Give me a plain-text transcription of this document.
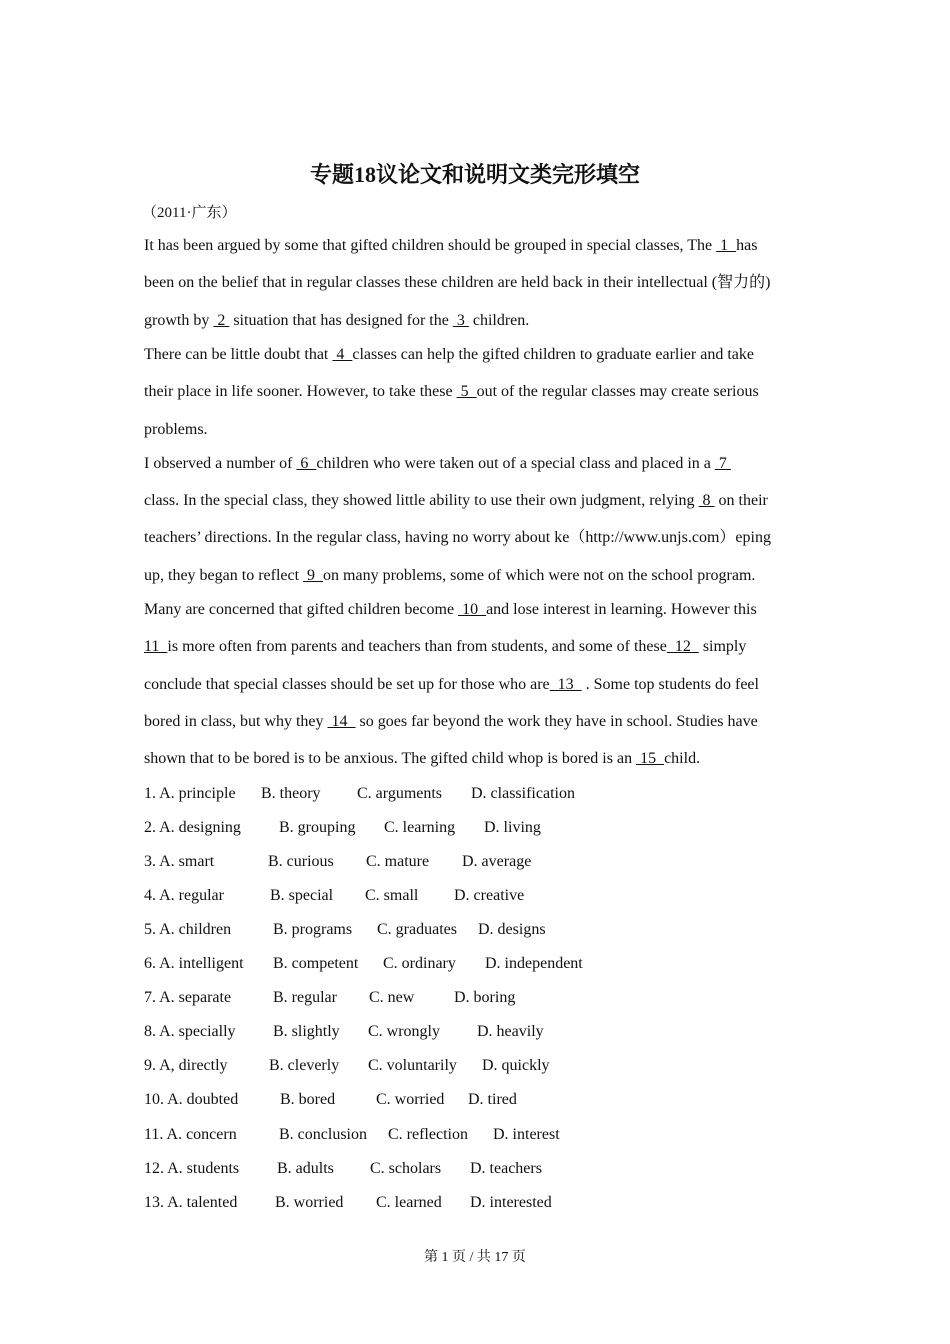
专题18议论文和说明文类完形填空
（2011·广东）
It has been argued by some that gifted children should be grouped in special classes, The  1  has
been on the belief that in regular classes these children are held back in their intellectual (智力的)
growth by  2  situation that has designed for the  3  children.
There can be little doubt that  4  classes can help the gifted children to graduate earlier and take
their place in life sooner. However, to take these  5  out of the regular classes may create serious
problems.
I observed a number of  6  children who were taken out of a special class and placed in a  7
class. In the special class, they showed little ability to use their own judgment, relying  8  on their
teachers’ directions. In the regular class, having no worry about ke（http://www.unjs.com）eping
up, they began to reflect  9  on many problems, some of which were not on the school program.
Many are concerned that gifted children become  10  and lose interest in learning. However this
11  is more often from parents and teachers than from students, and some of these  12   simply
conclude that special classes should be set up for those who are  13   . Some top students do feel
bored in class, but why they  14   so goes far beyond the work they have in school. Studies have
shown that to be bored is to be anxious. The gifted child whop is bored is an  15  child.
1. A. principle B. theory C. arguments D. classification
2. A. designing B. grouping C. learning D. living
3. A. smart	B. curious C. mature D. average
4. A. regular	B. special C. small D. creative
5. A. children	B. programs C. graduates D. designs
6. A. intelligent B. competent C. ordinary D. independent
7. A. separate	B. regular C. new D. boring
8. A. specially B. slightly C. wrongly D. heavily
9. A, directly	B. cleverly C. voluntarily D. quickly
10. A. doubted	B. bored	C. worried D. tired
11. A. concern	B. conclusion C. reflection D. interest
12. A. students B. adults C. scholars D. teachers
13. A. talented B. worried C. learned D. interested
第 1 页 / 共 17 页
